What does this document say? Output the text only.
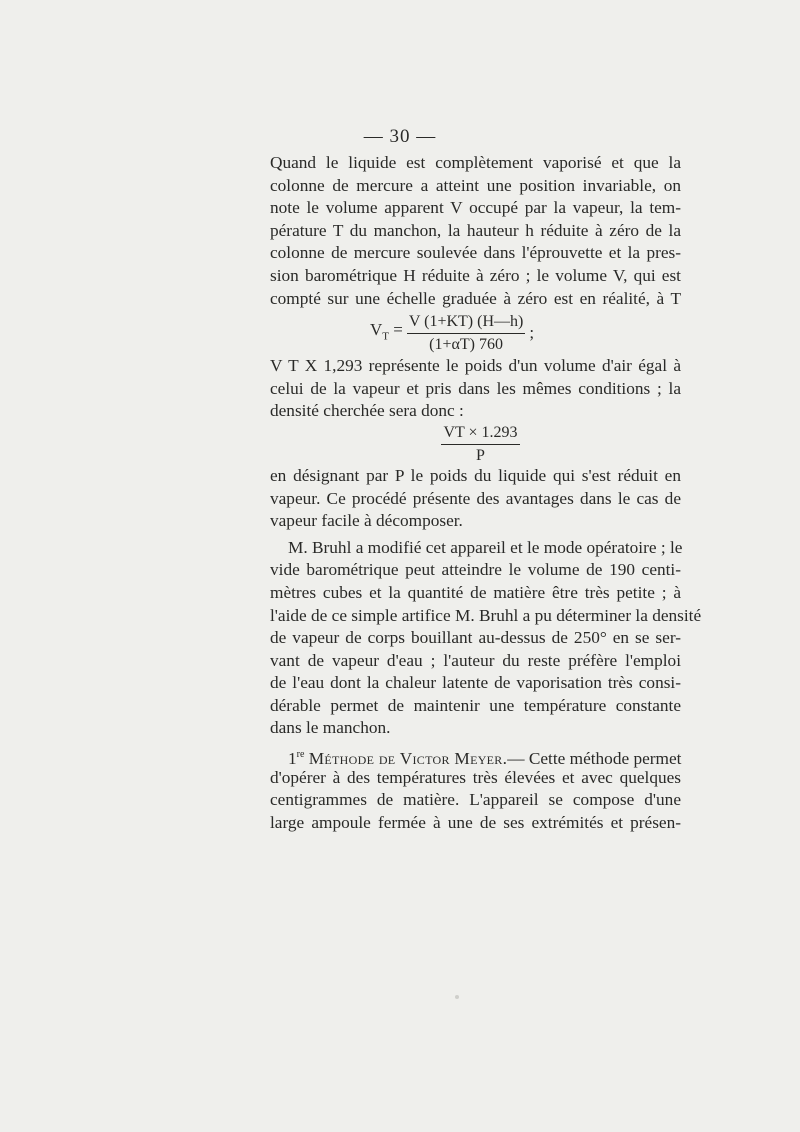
— 30 —
Quand le liquide est complètement vaporisé et que la
colonne de mercure a atteint une position invariable, on
note le volume apparent V occupé par la vapeur, la tem-
pérature T du manchon, la hauteur h réduite à zéro de la
colonne de mercure soulevée dans l'éprouvette et la pres-
sion barométrique H réduite à zéro ; le volume V, qui est
compté sur une échelle graduée à zéro est en réalité, à T
$V_T = \frac{V (1+KT) (H—h)}{(1+\alpha T) 760}$ ;
V T X 1,293 représente le poids d'un volume d'air égal à
celui de la vapeur et pris dans les mêmes conditions ; la
densité cherchée sera donc :
$\frac{VT \times 1.293}{P}$
en désignant par P le poids du liquide qui s'est réduit en
vapeur. Ce procédé présente des avantages dans le cas de
vapeur facile à décomposer.
M. Bruhl a modifié cet appareil et le mode opératoire ; le
vide barométrique peut atteindre le volume de 190 centi-
mètres cubes et la quantité de matière être très petite ; à
l'aide de ce simple artifice M. Bruhl a pu déterminer la densité
de vapeur de corps bouillant au-dessus de 250° en se ser-
vant de vapeur d'eau ; l'auteur du reste préfère l'emploi
de l'eau dont la chaleur latente de vaporisation très consi-
dérable permet de maintenir une température constante
dans le manchon.
1re Méthode de Victor Meyer.— Cette méthode permet
d'opérer à des températures très élevées et avec quelques
centigrammes de matière. L'appareil se compose d'une
large ampoule fermée à une de ses extrémités et présen-
